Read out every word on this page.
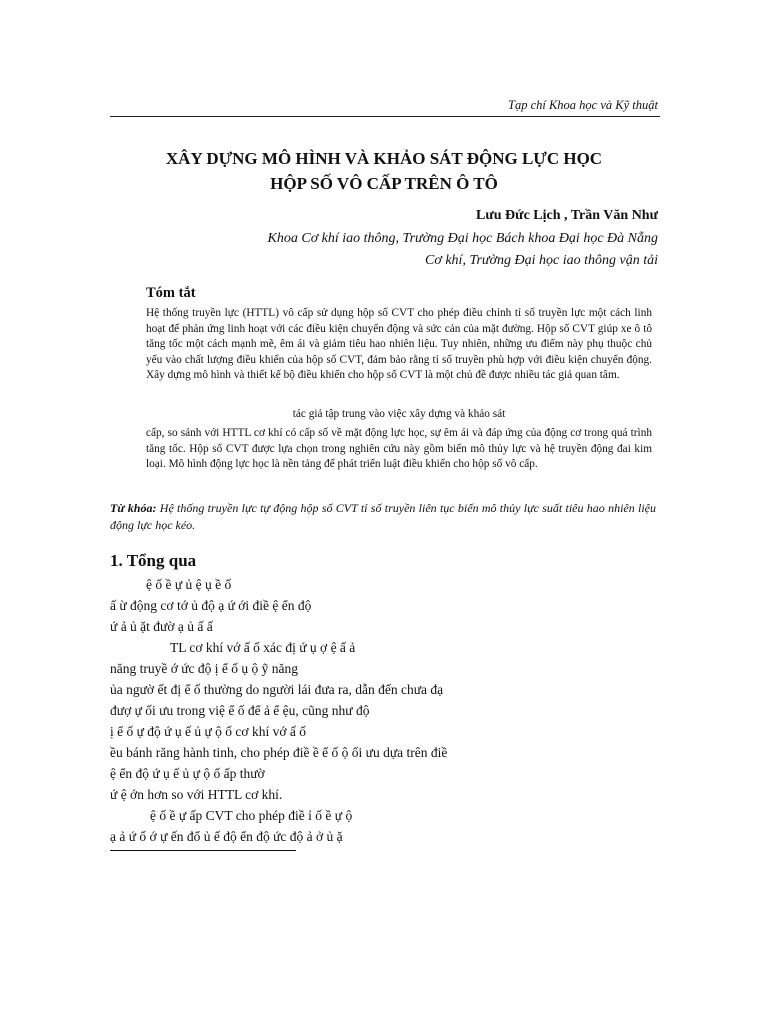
Tạp chí Khoa học và Kỹ thuật
XÂY DỰNG MÔ HÌNH VÀ KHẢO SÁT ĐỘNG LỰC HỌC
HỘP SỐ VÔ CẤP TRÊN Ô TÔ
Lưu Đức Lịch , Trần Văn Như
Khoa Cơ khí iao thông, Trường Đại học Bách khoa Đại học Đà Nẵng
Cơ khí, Trường Đại học iao thông vận tải
Tóm tắt
Hệ thống truyền lực (HTTL) vô cấp sử dụng hộp số CVT cho phép điều chỉnh tỉ số truyền lực một cách linh hoạt để phản ứng linh hoạt với các điều kiện chuyển động và sức cản của mặt đường. Hộp số CVT giúp xe ô tô tăng tốc một cách mạnh mẽ, êm ái và giảm tiêu hao nhiên liệu. Tuy nhiên, những ưu điểm này phụ thuộc chủ yếu vào chất lượng điều khiển của hộp số CVT, đảm bảo rằng tỉ số truyền phù hợp với điều kiện chuyển động. Xây dựng mô hình và thiết kế bộ điều khiển cho hộp số CVT là một chủ đề được nhiều tác giả quan tâm.
tác giả tập trung vào việc xây dựng và khảo sát
cấp, so sánh với HTTL cơ khí có cấp số về mặt động lực học, sự êm ái và đáp ứng của động cơ trong quá trình tăng tốc. Hộp số CVT được lựa chọn trong nghiên cứu này gồm biến mô thủy lực và hệ truyền động đai kim loại. Mô hình động lực học là nền tảng để phát triển luật điều khiển cho hộp số vô cấp.
Từ khóa: Hệ thống truyền lực tự động hộp số CVT tỉ số truyền liên tục biến mô thủy lực suất tiêu hao nhiên liệu động lực học kéo.
1. Tổng qua
ệ ố ề ự ủ ệ ụ ề ố
ấ ừ động cơ tớ ủ độ ạ ứ ới điề ệ ển độ
ứ ả ủ ặt đườ ạ ủ ấ ấ
TL cơ khí vớ ấ ố xác đị ứ ụ ợ ệ ấ ả
năng truyề ớ ức độ ị ể ố ụ ộ ỹ năng
ủa ngườ ết đị ể ố thường do người lái đưa ra, dẫn đến chưa đạ
đượ ự ối ưu trong việ ể ố để ả ể ệu, cũng như độ
ị ể ố ự độ ứ ụ ế ủ ự ộ ố cơ khí vớ ấ ố
ều bánh răng hành tinh, cho phép điề ề ể ố ộ ối ưu dựa trên điề
ệ ển độ ứ ụ ế ủ ự ộ ố ấp thườ
ứ ệ ớn hơn so với HTTL cơ khí.
ệ ố ề ự ấp CVT cho phép điề ỉ ố ề ự ộ
ạ ả ứ ố ớ ự ến đổ ủ ế độ ển độ ức độ ả ở ủ ặ
